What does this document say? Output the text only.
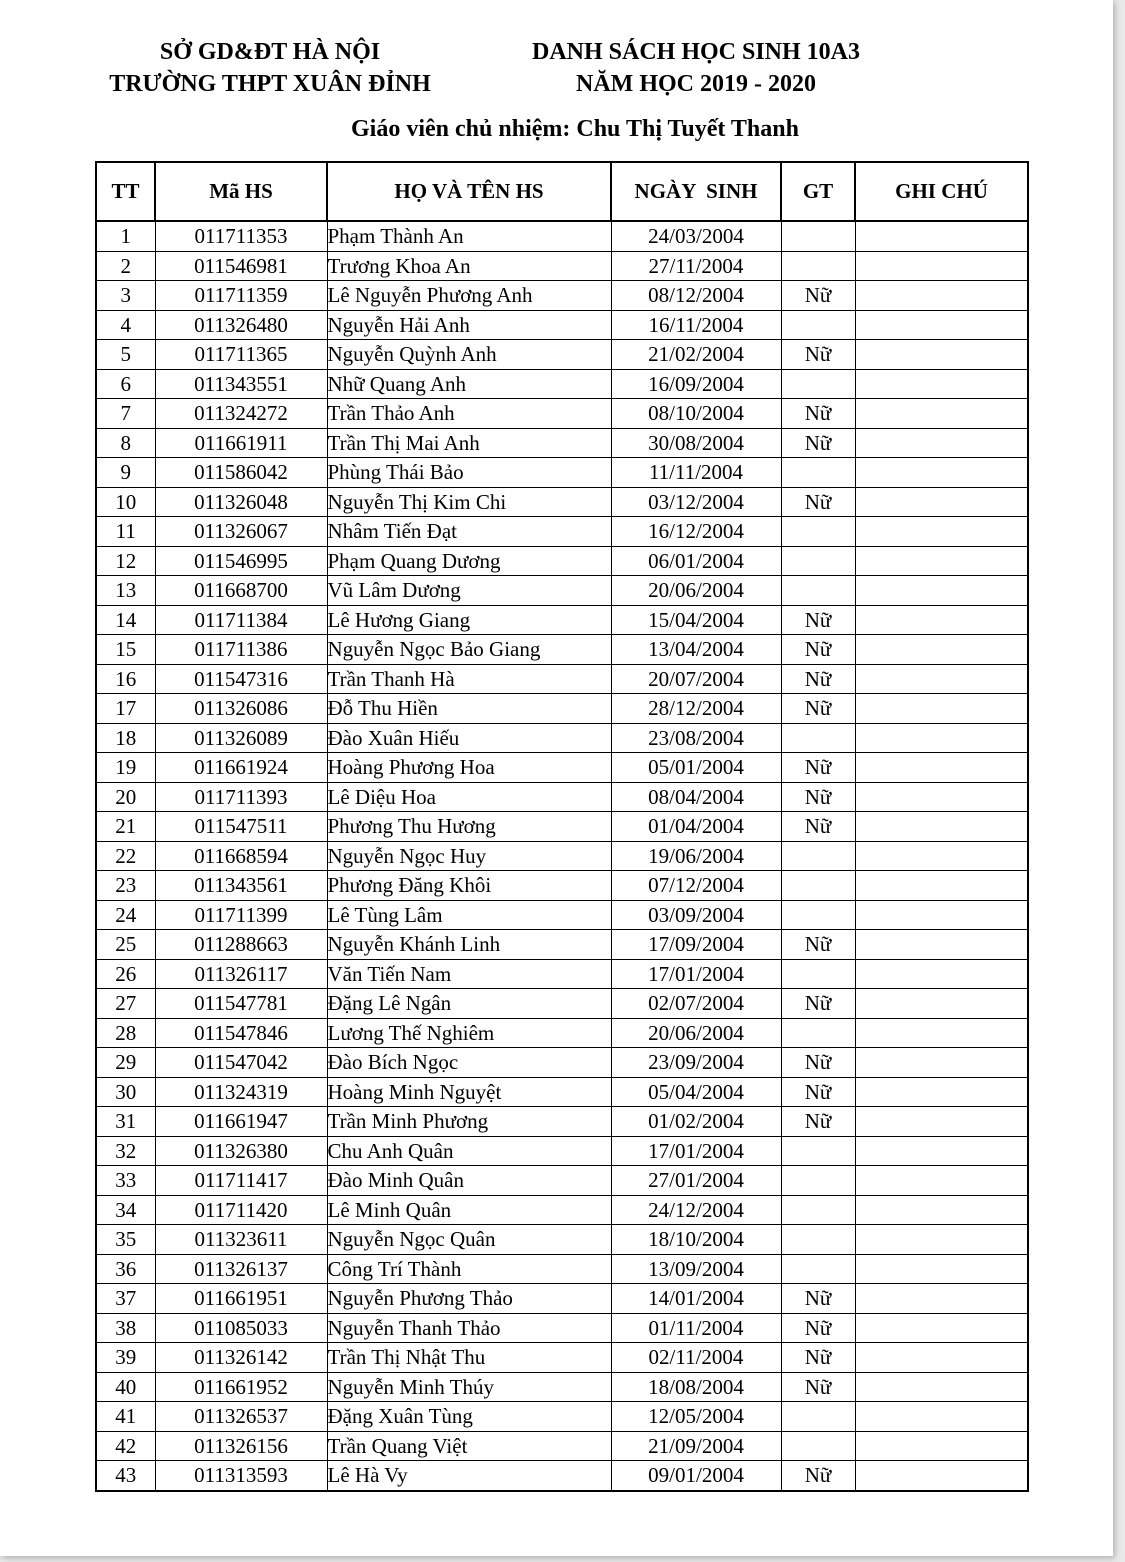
SỞ GD&ĐT HÀ NỘI
TRƯỜNG THPT XUÂN ĐỈNH
DANH SÁCH HỌC SINH 10A3
NĂM HỌC 2019 - 2020
Giáo viên chủ nhiệm: Chu Thị Tuyết Thanh
TT	Mã HS	HỌ VÀ TÊN HS	NGÀY  SINH	GT	GHI CHÚ
1	011711353	Phạm Thành An	24/03/2004		
2	011546981	Trương Khoa An	27/11/2004		
3	011711359	Lê Nguyễn Phương Anh	08/12/2004	Nữ	
4	011326480	Nguyễn Hải Anh	16/11/2004		
5	011711365	Nguyễn Quỳnh Anh	21/02/2004	Nữ	
6	011343551	Nhữ Quang Anh	16/09/2004		
7	011324272	Trần Thảo Anh	08/10/2004	Nữ	
8	011661911	Trần Thị Mai Anh	30/08/2004	Nữ	
9	011586042	Phùng Thái Bảo	11/11/2004		
10	011326048	Nguyễn Thị Kim Chi	03/12/2004	Nữ	
11	011326067	Nhâm Tiến Đạt	16/12/2004		
12	011546995	Phạm Quang Dương	06/01/2004		
13	011668700	Vũ Lâm Dương	20/06/2004		
14	011711384	Lê Hương Giang	15/04/2004	Nữ	
15	011711386	Nguyễn Ngọc Bảo Giang	13/04/2004	Nữ	
16	011547316	Trần Thanh Hà	20/07/2004	Nữ	
17	011326086	Đỗ Thu Hiền	28/12/2004	Nữ	
18	011326089	Đào Xuân Hiếu	23/08/2004		
19	011661924	Hoàng Phương Hoa	05/01/2004	Nữ	
20	011711393	Lê Diệu Hoa	08/04/2004	Nữ	
21	011547511	Phương Thu Hương	01/04/2004	Nữ	
22	011668594	Nguyễn Ngọc Huy	19/06/2004		
23	011343561	Phương Đăng Khôi	07/12/2004		
24	011711399	Lê Tùng Lâm	03/09/2004		
25	011288663	Nguyễn Khánh Linh	17/09/2004	Nữ	
26	011326117	Văn Tiến Nam	17/01/2004		
27	011547781	Đặng Lê Ngân	02/07/2004	Nữ	
28	011547846	Lương Thế Nghiêm	20/06/2004		
29	011547042	Đào Bích Ngọc	23/09/2004	Nữ	
30	011324319	Hoàng Minh Nguyệt	05/04/2004	Nữ	
31	011661947	Trần Minh Phương	01/02/2004	Nữ	
32	011326380	Chu Anh Quân	17/01/2004		
33	011711417	Đào Minh Quân	27/01/2004		
34	011711420	Lê Minh Quân	24/12/2004		
35	011323611	Nguyễn Ngọc Quân	18/10/2004		
36	011326137	Công Trí Thành	13/09/2004		
37	011661951	Nguyễn Phương Thảo	14/01/2004	Nữ	
38	011085033	Nguyễn Thanh Thảo	01/11/2004	Nữ	
39	011326142	Trần Thị Nhật Thu	02/11/2004	Nữ	
40	011661952	Nguyễn Minh Thúy	18/08/2004	Nữ	
41	011326537	Đặng Xuân Tùng	12/05/2004		
42	011326156	Trần Quang Việt	21/09/2004		
43	011313593	Lê Hà Vy	09/01/2004	Nữ	
